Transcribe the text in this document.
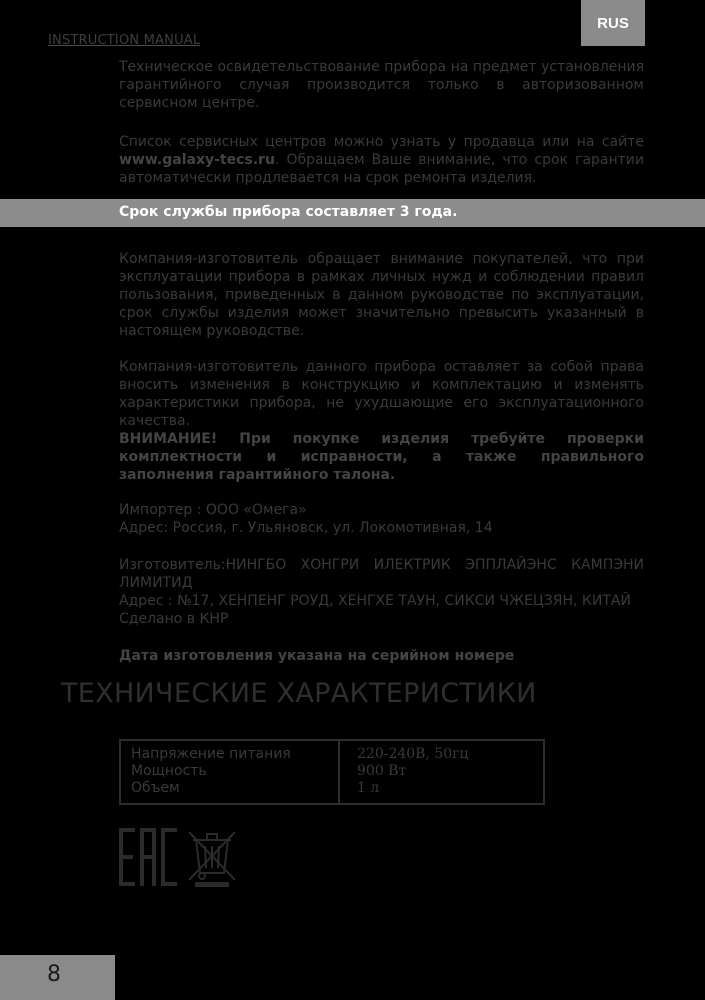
INSTRUCTION MANUAL
RUS

Техническое освидетельствование прибора на предмет установления гарантийного случая производится только в авторизованном сервисном центре.

Список сервисных центров можно узнать у продавца или на сайте www.galaxy-tecs.ru. Обращаем Ваше внимание, что срок гарантии автоматически продлевается на срок ремонта изделия.

Срок службы прибора составляет 3 года.

Компания-изготовитель обращает внимание покупателей, что при эксплуатации прибора в рамках личных нужд и соблюдении правил пользования, приведенных в данном руководстве по эксплуатации, срок службы изделия может значительно превысить указанный в настоящем руководстве.

Компания-изготовитель данного прибора оставляет за собой права вносить изменения в конструкцию и комплектацию и изменять характеристики прибора, не ухудшающие его эксплуатационного качества.

ВНИМАНИЕ! При покупке изделия требуйте проверки комплектности и исправности, а также правильного заполнения гарантийного талона.

Импортер : ООО «Омега»
Адрес: Россия, г. Ульяновск, ул. Локомотивная, 14

Изготовитель:НИНГБО ХОНГРИ ИЛЕКТРИК ЭППЛАЙЭНС КАМПЭНИ ЛИМИТИД

Адрес : №17, ХЕНПЕНГ РОУД, ХЕНГХЕ ТАУН, СИКСИ ЧЖЕЦЗЯН, КИТАЙ
Сделано в КНР
Дата изготовления указана на серийном номере
ТЕХНИЧЕСКИЕ ХАРАКТЕРИСТИКИ
Напряжение питания
Мощность
Объем
220-240В, 50гц
900 Вт
1 л
8
